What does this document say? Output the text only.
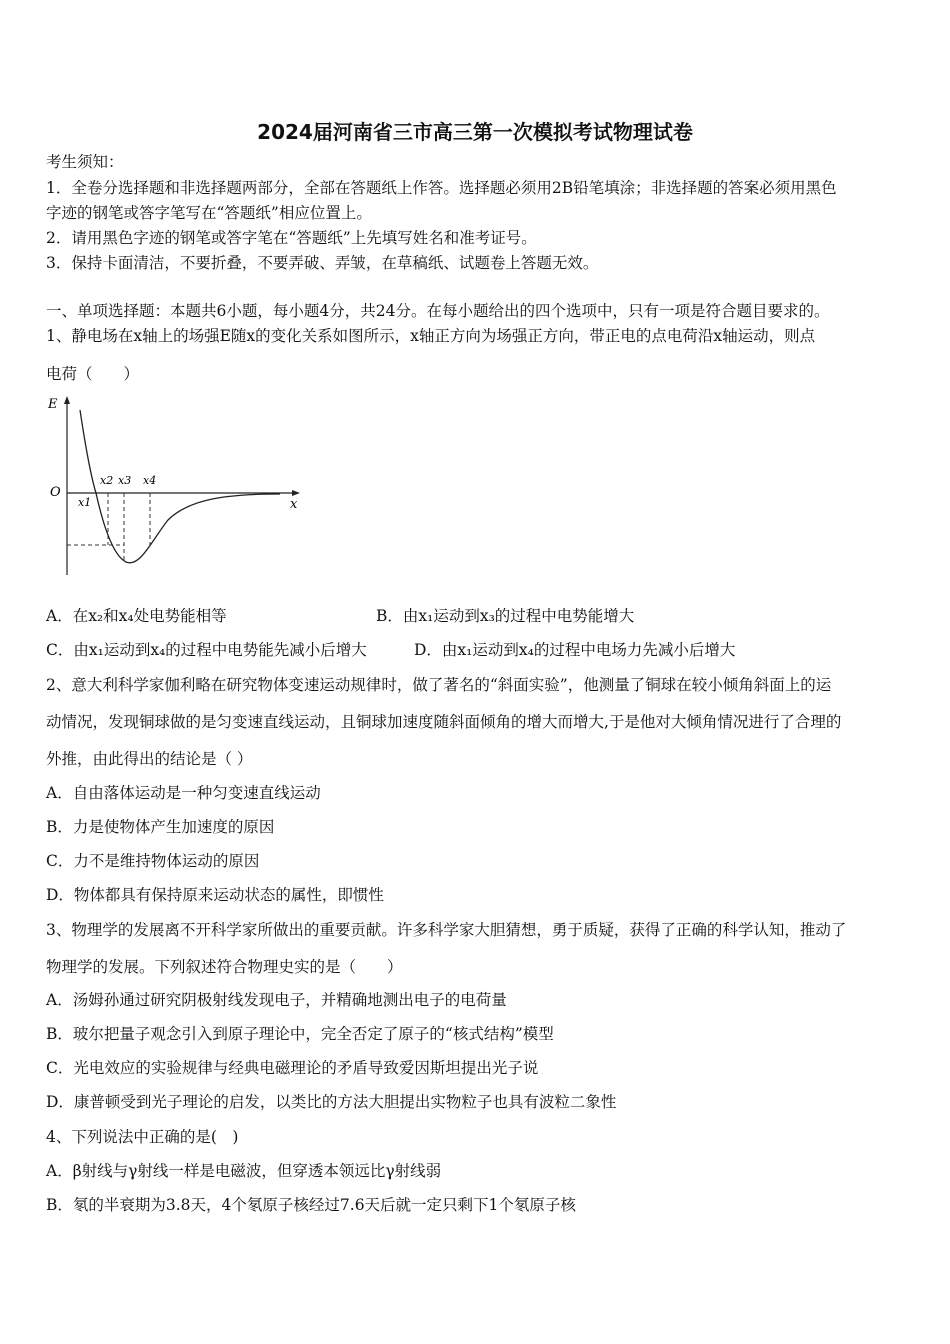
2024届河南省三市高三第一次模拟考试物理试卷
考生须知：
1．全卷分选择题和非选择题两部分，全部在答题纸上作答。选择题必须用2B铅笔填涂；非选择题的答案必须用黑色
字迹的钢笔或答字笔写在“答题纸”相应位置上。
2．请用黑色字迹的钢笔或答字笔在“答题纸”上先填写姓名和准考证号。
3．保持卡面清洁，不要折叠，不要弄破、弄皱，在草稿纸、试题卷上答题无效。
一、单项选择题：本题共6小题，每小题4分，共24分。在每小题给出的四个选项中，只有一项是符合题目要求的。
1、静电场在x轴上的场强E随x的变化关系如图所示，x轴正方向为场强正方向，带正电的点电荷沿x轴运动，则点
电荷（　　）
E
O
x
x1
x2 x3 x4
A．在x₂和x₄处电势能相等	B．由x₁运动到x₃的过程中电势能增大
C．由x₁运动到x₄的过程中电势能先减小后增大	D．由x₁运动到x₄的过程中电场力先减小后增大
2、意大利科学家伽利略在研究物体变速运动规律时，做了著名的“斜面实验”，他测量了铜球在较小倾角斜面上的运
动情况，发现铜球做的是匀变速直线运动，且铜球加速度随斜面倾角的增大而增大,于是他对大倾角情况进行了合理的
外推，由此得出的结论是（ ）
A．自由落体运动是一种匀变速直线运动
B．力是使物体产生加速度的原因
C．力不是维持物体运动的原因
D．物体都具有保持原来运动状态的属性，即惯性
3、物理学的发展离不开科学家所做出的重要贡献。许多科学家大胆猜想，勇于质疑，获得了正确的科学认知，推动了
物理学的发展。下列叙述符合物理史实的是（　　）
A．汤姆孙通过研究阴极射线发现电子，并精确地测出电子的电荷量
B．玻尔把量子观念引入到原子理论中，完全否定了原子的“核式结构”模型
C．光电效应的实验规律与经典电磁理论的矛盾导致爱因斯坦提出光子说
D．康普顿受到光子理论的启发，以类比的方法大胆提出实物粒子也具有波粒二象性
4、下列说法中正确的是(　)
A．β射线与γ射线一样是电磁波，但穿透本领远比γ射线弱
B．氡的半衰期为3.8天，4个氡原子核经过7.6天后就一定只剩下1个氡原子核
